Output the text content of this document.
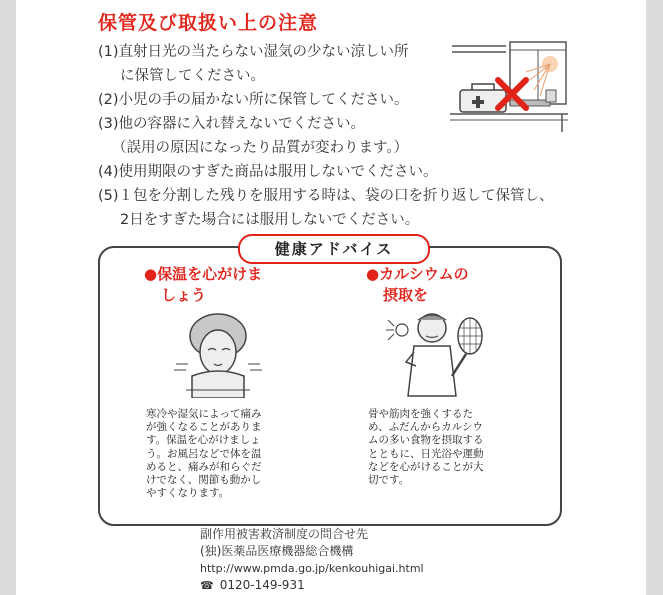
保管及び取扱い上の注意
(1)直射日光の当たらない湿気の少ない涼しい所
に保管してください。
(2)小児の手の届かない所に保管してください。
(3)他の容器に入れ替えないでください。
（誤用の原因になったり品質が変わります。）
(4)使用期限のすぎた商品は服用しないでください。
(5)１包を分割した残りを服用する時は、袋の口を折り返して保管し、
2日をすぎた場合には服用しないでください。
健康アドバイス
●保温を心がけま
しょう
寒冷や湿気によって痛み
が強くなることがありま
す。保温を心がけましょ
う。お風呂などで体を温
めると、痛みが和らぐだ
けでなく、関節も動かし
やすくなります。
●カルシウムの
摂取を
骨や筋肉を強くするた
め、ふだんからカルシウ
ムの多い食物を摂取する
とともに、日光浴や運動
などを心がけることが大
切です。
副作用被害救済制度の問合せ先
(独)医薬品医療機器総合機構
http://www.pmda.go.jp/kenkouhigai.html
☎ 0120-149-931
